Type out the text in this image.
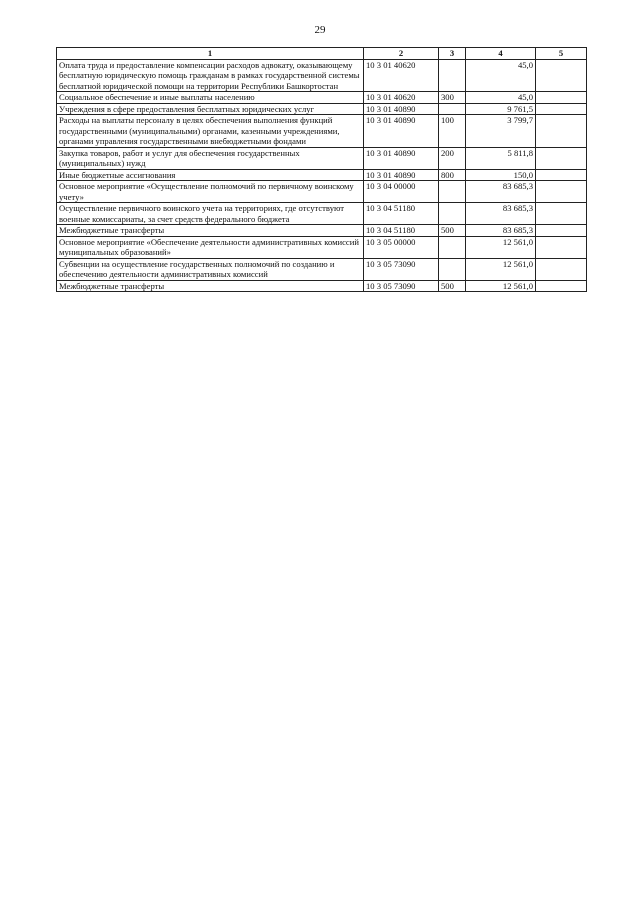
29
1	2	3	4	5
Оплата труда и предоставление компенсации расходов адвокату, оказывающему бесплатную юридическую помощь гражданам в рамках государственной системы бесплатной юридической помощи на территории Республики Башкортостан	10 3 01 40620		45,0	
Социальное обеспечение и иные выплаты населению	10 3 01 40620	300	45,0	
Учреждения в сфере предоставления бесплатных юридических услуг	10 3 01 40890		9 761,5	
Расходы на выплаты персоналу в целях обеспечения выполнения функций государственными (муниципальными) органами, казенными учреждениями, органами управления государственными внебюджетными фондами	10 3 01 40890	100	3 799,7	
Закупка товаров, работ и услуг для обеспечения государственных (муниципальных) нужд	10 3 01 40890	200	5 811,8	
Иные бюджетные ассигнования	10 3 01 40890	800	150,0	
Основное мероприятие «Осуществление полномочий по первичному воинскому учету»	10 3 04 00000		83 685,3	
Осуществление первичного воинского учета на территориях, где отсутствуют военные комиссариаты, за счет средств федерального бюджета	10 3 04 51180		83 685,3	
Межбюджетные трансферты	10 3 04 51180	500	83 685,3	
Основное мероприятие «Обеспечение деятельности административных комиссий муниципальных образований»	10 3 05 00000		12 561,0	
Субвенции на осуществление государственных полномочий по созданию и обеспечению деятельности административных комиссий	10 3 05 73090		12 561,0	
Межбюджетные трансферты	10 3 05 73090	500	12 561,0	
